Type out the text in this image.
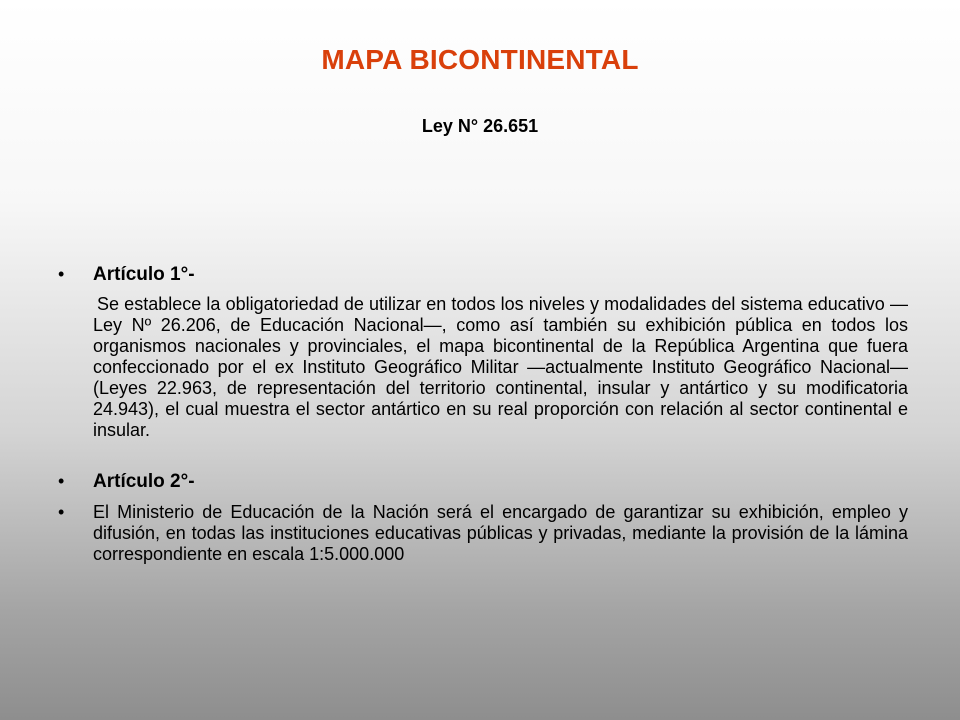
MAPA BICONTINENTAL
Ley N° 26.651
• Artículo 1°-
Se establece la obligatoriedad de utilizar en todos los niveles y modalidades del sistema educativo —Ley Nº 26.206, de Educación Nacional—, como así también su exhibición pública en todos los organismos nacionales y provinciales, el mapa bicontinental de la República Argentina que fuera confeccionado por el ex Instituto Geográfico Militar —actualmente Instituto Geográfico Nacional— (Leyes 22.963, de representación del territorio continental, insular y antártico y su modificatoria 24.943), el cual muestra el sector antártico en su real proporción con relación al sector continental e insular.
• Artículo 2°-
• El Ministerio de Educación de la Nación será el encargado de garantizar su exhibición, empleo y difusión, en todas las instituciones educativas públicas y privadas, mediante la provisión de la lámina correspondiente en escala 1:5.000.000
